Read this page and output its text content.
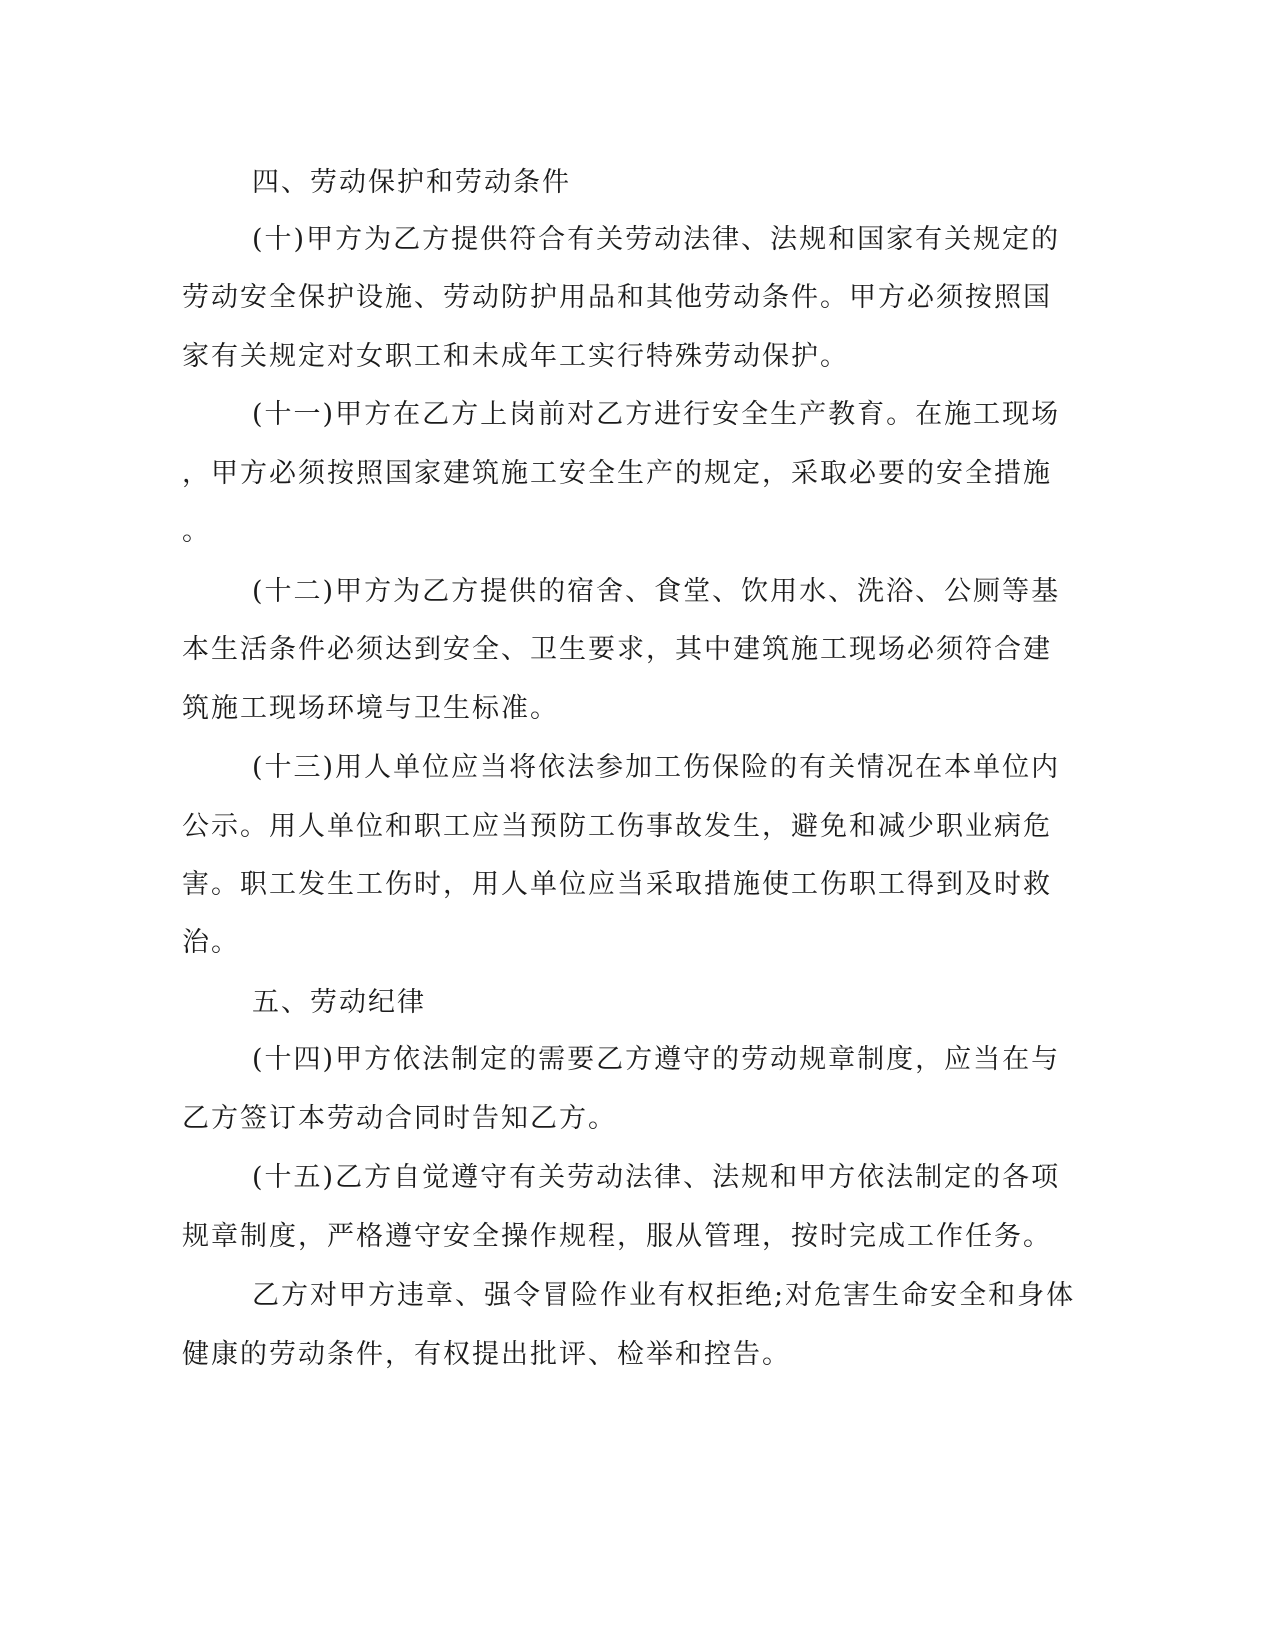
四、劳动保护和劳动条件
(十)甲方为乙方提供符合有关劳动法律、法规和国家有关规定的
劳动安全保护设施、劳动防护用品和其他劳动条件。甲方必须按照国
家有关规定对女职工和未成年工实行特殊劳动保护。
(十一)甲方在乙方上岗前对乙方进行安全生产教育。在施工现场
，甲方必须按照国家建筑施工安全生产的规定，采取必要的安全措施
。
(十二)甲方为乙方提供的宿舍、食堂、饮用水、洗浴、公厕等基
本生活条件必须达到安全、卫生要求，其中建筑施工现场必须符合建
筑施工现场环境与卫生标准。
(十三)用人单位应当将依法参加工伤保险的有关情况在本单位内
公示。用人单位和职工应当预防工伤事故发生，避免和减少职业病危
害。职工发生工伤时，用人单位应当采取措施使工伤职工得到及时救
治。
五、劳动纪律
(十四)甲方依法制定的需要乙方遵守的劳动规章制度，应当在与
乙方签订本劳动合同时告知乙方。
(十五)乙方自觉遵守有关劳动法律、法规和甲方依法制定的各项
规章制度，严格遵守安全操作规程，服从管理，按时完成工作任务。
乙方对甲方违章、强令冒险作业有权拒绝;对危害生命安全和身体
健康的劳动条件，有权提出批评、检举和控告。
